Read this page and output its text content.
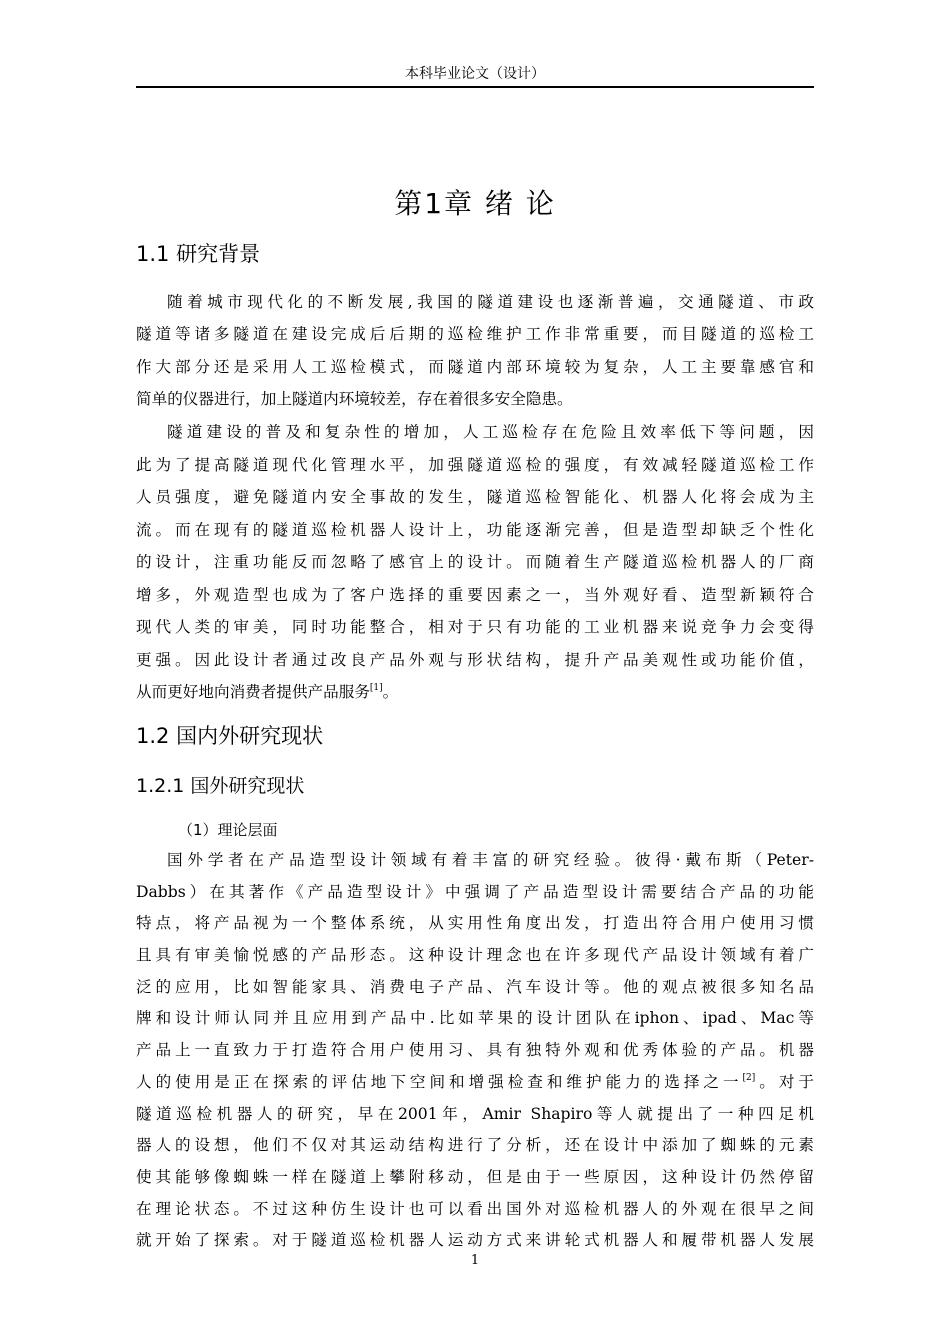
本科毕业论文（设计）
第1章 绪 论
1.1 研究背景
随着城市现代化的不断发展,我国的隧道建设也逐渐普遍，交通隧道、市政
隧道等诸多隧道在建设完成后后期的巡检维护工作非常重要，而目隧道的巡检工
作大部分还是采用人工巡检模式，而隧道内部环境较为复杂，人工主要靠感官和
简单的仪器进行，加上隧道内环境较差，存在着很多安全隐患。
隧道建设的普及和复杂性的增加，人工巡检存在危险且效率低下等问题，因
此为了提高隧道现代化管理水平，加强隧道巡检的强度，有效减轻隧道巡检工作
人员强度，避免隧道内安全事故的发生，隧道巡检智能化、机器人化将会成为主
流。而在现有的隧道巡检机器人设计上，功能逐渐完善，但是造型却缺乏个性化
的设计，注重功能反而忽略了感官上的设计。而随着生产隧道巡检机器人的厂商
增多，外观造型也成为了客户选择的重要因素之一，当外观好看、造型新颖符合
现代人类的审美，同时功能整合，相对于只有功能的工业机器来说竞争力会变得
更强。因此设计者通过改良产品外观与形状结构，提升产品美观性或功能价值，
从而更好地向消费者提供产品服务[1]。
1.2 国内外研究现状
1.2.1 国外研究现状
（1）理论层面
国外学者在产品造型设计领域有着丰富的研究经验。彼得·戴布斯（Peter-
Dabbs）在其著作《产品造型设计》中强调了产品造型设计需要结合产品的功能
特点，将产品视为一个整体系统，从实用性角度出发，打造出符合用户使用习惯
且具有审美愉悦感的产品形态。这种设计理念也在许多现代产品设计领域有着广
泛的应用，比如智能家具、消费电子产品、汽车设计等。他的观点被很多知名品
牌和设计师认同并且应用到产品中.比如苹果的设计团队在iphon、ipad、Mac等
产品上一直致力于打造符合用户使用习、具有独特外观和优秀体验的产品。机器
人的使用是正在探索的评估地下空间和增强检查和维护能力的选择之一[2]。对于
隧道巡检机器人的研究，早在2001年，Amir Shapiro等人就提出了一种四足机
器人的设想，他们不仅对其运动结构进行了分析，还在设计中添加了蜘蛛的元素
使其能够像蜘蛛一样在隧道上攀附移动，但是由于一些原因，这种设计仍然停留
在理论状态。不过这种仿生设计也可以看出国外对巡检机器人的外观在很早之间
就开始了探索。对于隧道巡检机器人运动方式来讲轮式机器人和履带机器人发展
1
